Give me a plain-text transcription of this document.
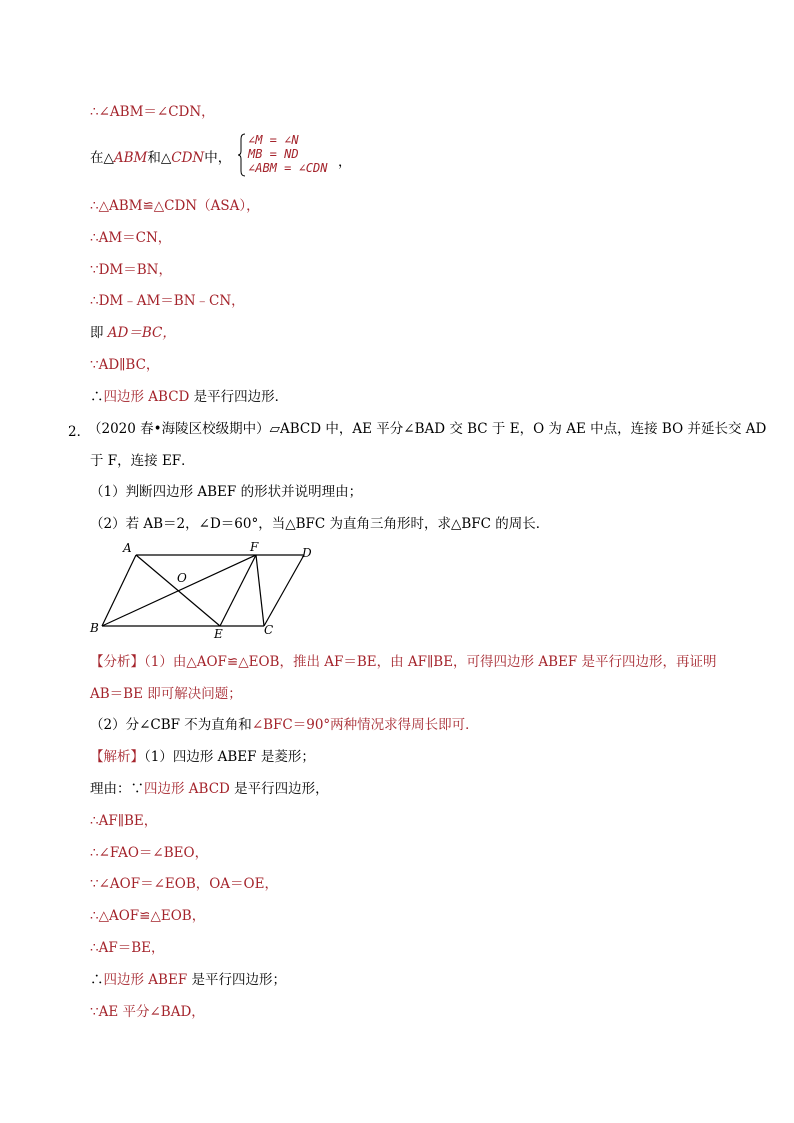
∴∠ABM＝∠CDN，
在△ABM和△CDN中，
∠M = ∠N
MB = ND
∠ABM = ∠CDN ，
∴△ABM≌△CDN（ASA），
∴AM＝CN，
∵DM＝BN，
∴DM﹣AM＝BN﹣CN，
即 AD＝BC，
∵AD∥BC，
∴四边形 ABCD 是平行四边形．
2．
（2020 春•海陵区校级期中）▱ABCD 中，AE 平分∠BAD 交 BC 于 E，O 为 AE 中点，连接 BO 并延长交 AD
于 F，连接 EF．
（1）判断四边形 ABEF 的形状并说明理由；
（2）若 AB＝2，∠D＝60°，当△BFC 为直角三角形时，求△BFC 的周长．
A	F	D
O
B	E	C
【分析】（1）由△AOF≌△EOB，推出 AF＝BE，由 AF∥BE，可得四边形 ABEF 是平行四边形，再证明
AB＝BE 即可解决问题；
（2）分∠CBF 不为直角和∠BFC＝90°两种情况求得周长即可．
【解析】（1）四边形 ABEF 是菱形；
理由：∵四边形 ABCD 是平行四边形，
∴AF∥BE，
∴∠FAO＝∠BEO，
∵∠AOF＝∠EOB，OA＝OE，
∴△AOF≌△EOB，
∴AF＝BE，
∴四边形 ABEF 是平行四边形；
∵AE 平分∠BAD，
